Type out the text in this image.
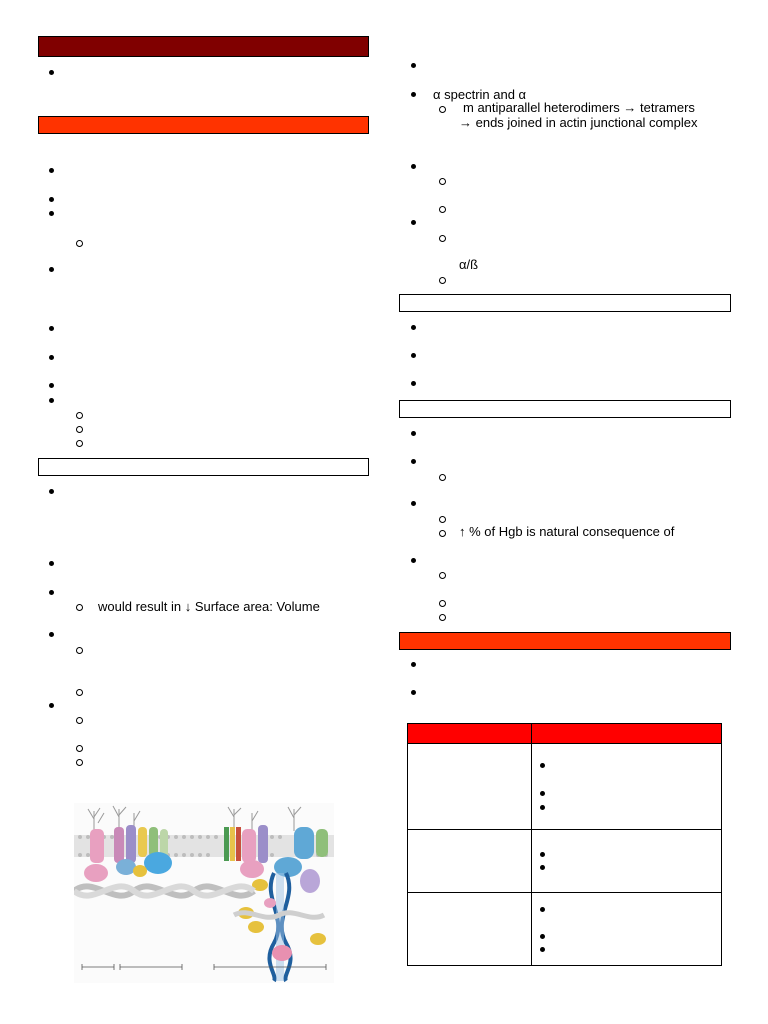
would result in ↓ Surface area: Volume
α spectrin and α
m antiparallel heterodimers → tetramers
→ ends joined in actin junctional complex
α/ß
↑ % of Hgb is natural consequence of
